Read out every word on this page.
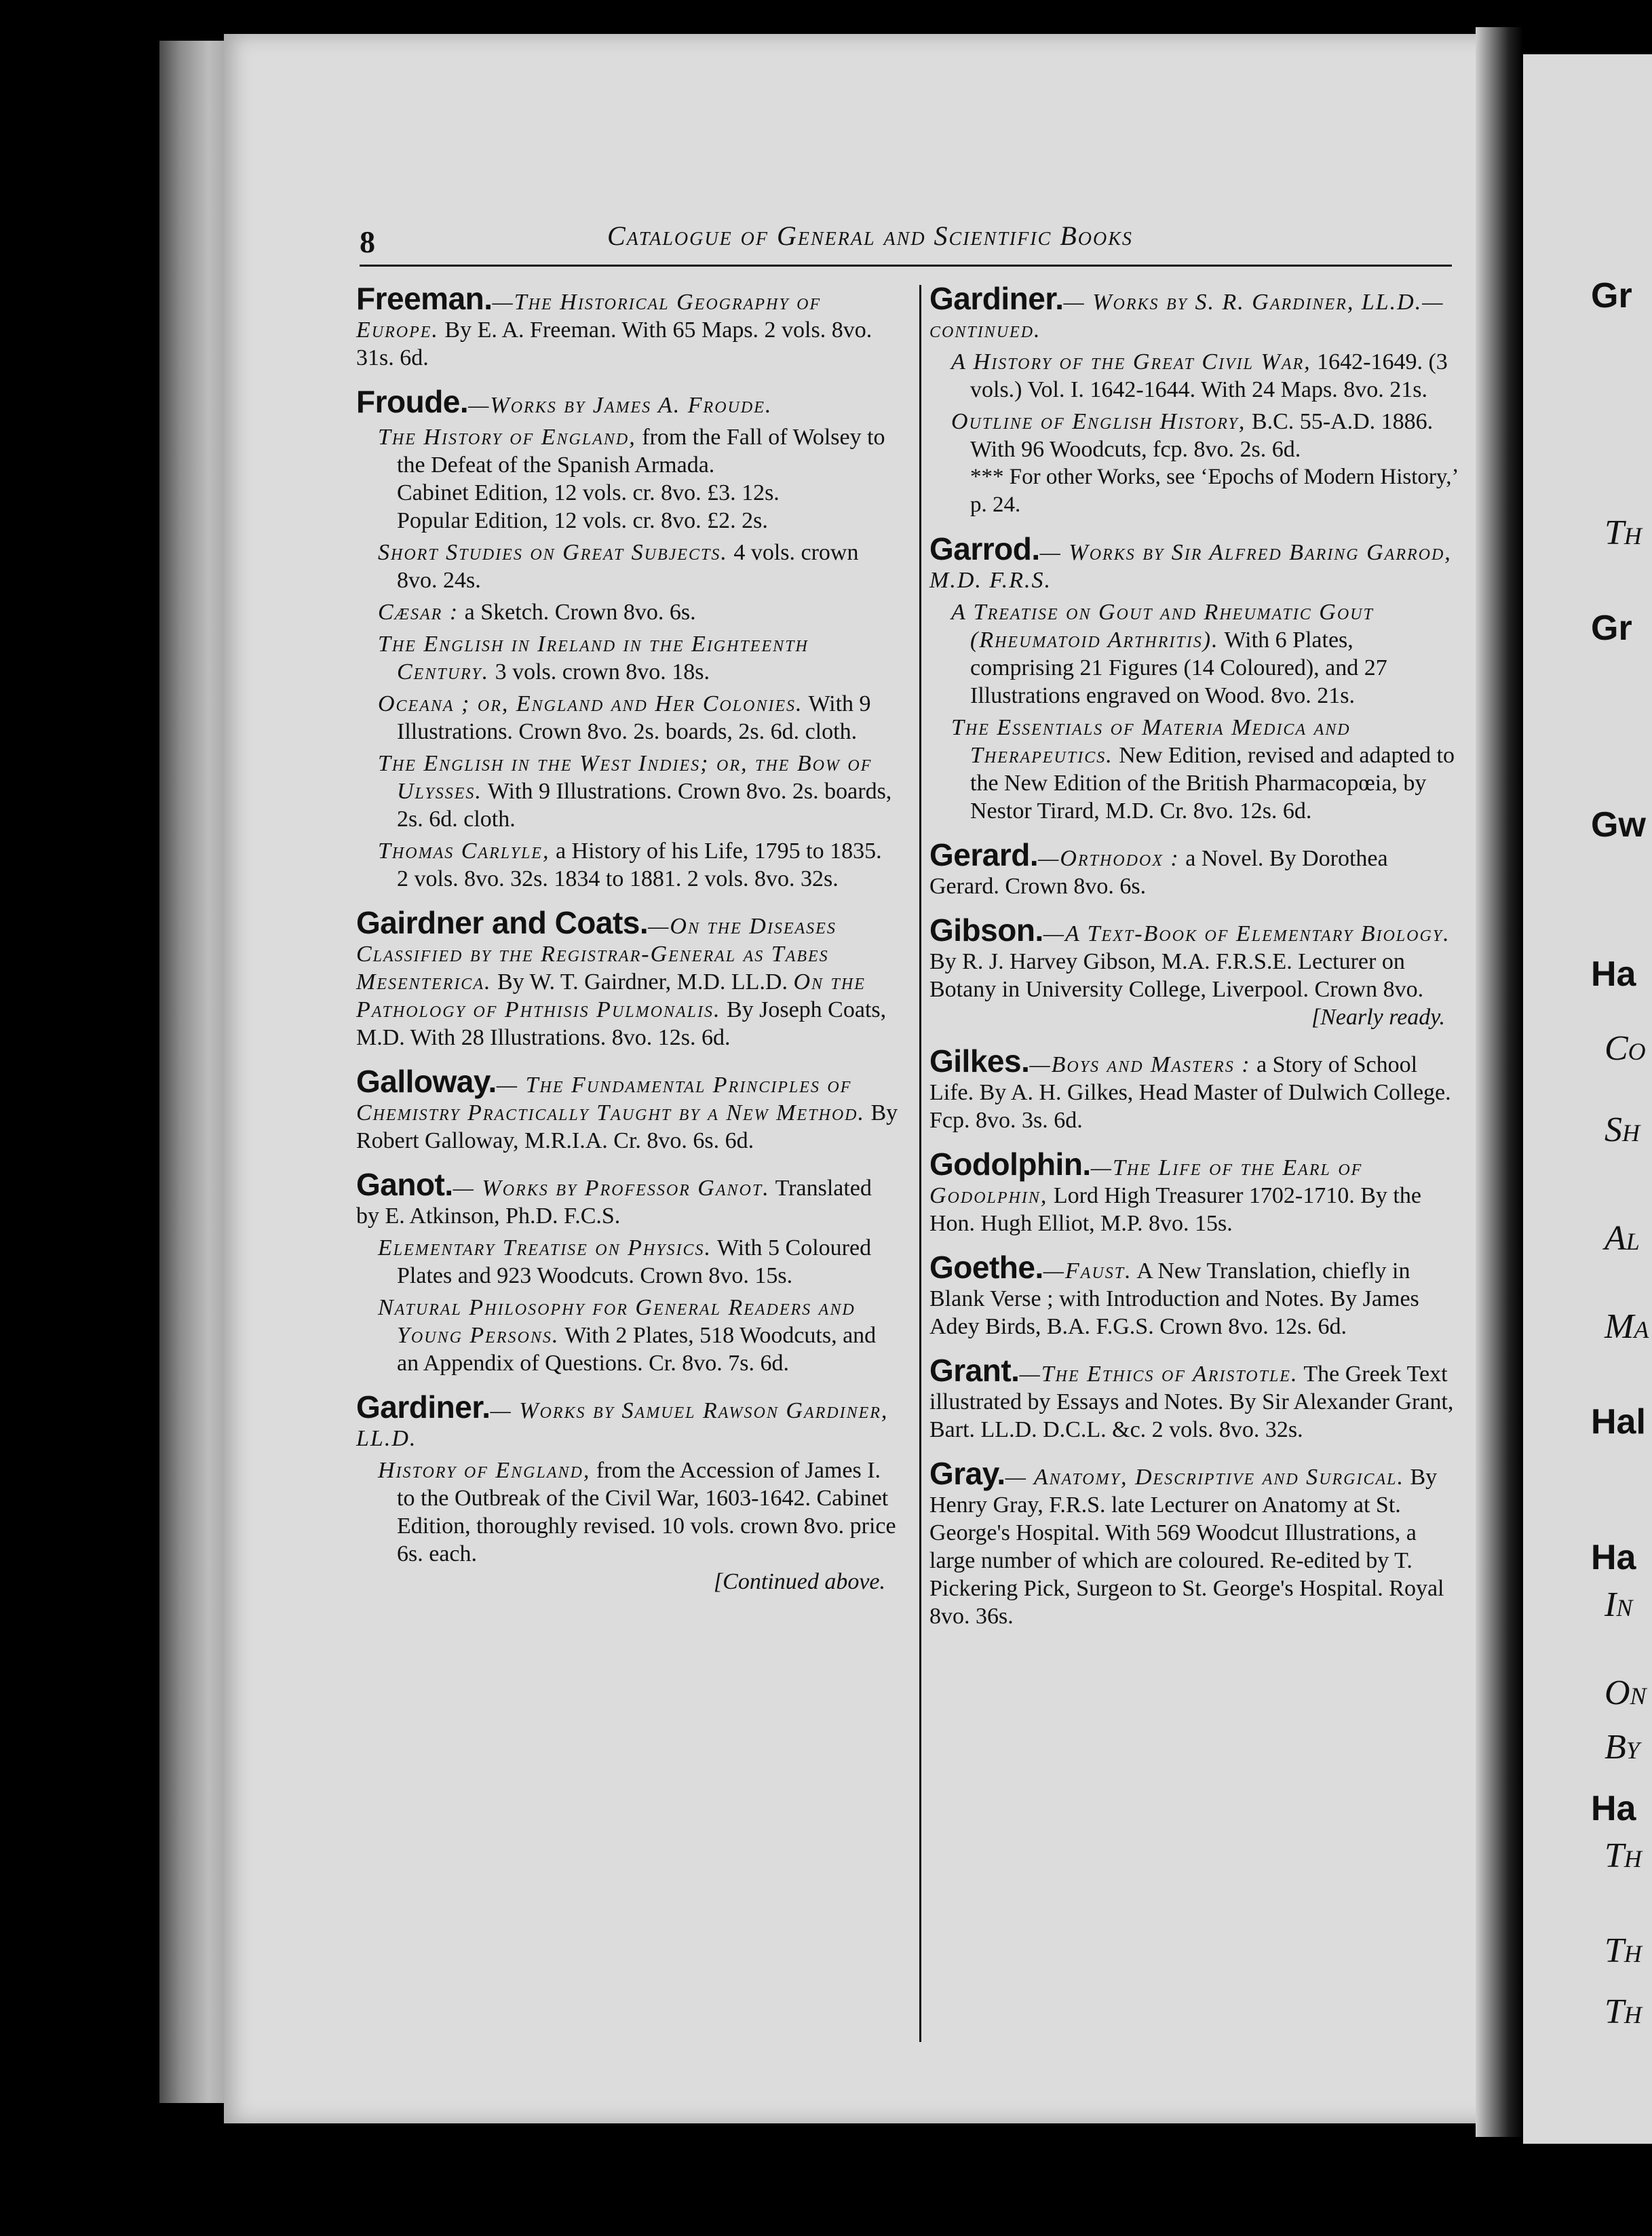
8	Catalogue of General and Scientific Books
Freeman.—The Historical Geography of Europe. By E. A. Freeman. With 65 Maps. 2 vols. 8vo. 31s. 6d.
Froude.—Works by James A. Froude.
The History of England, from the Fall of Wolsey to the Defeat of the Spanish Armada.
Cabinet Edition, 12 vols. cr. 8vo. £3. 12s.
Popular Edition, 12 vols. cr. 8vo. £2. 2s.
Short Studies on Great Subjects. 4 vols. crown 8vo. 24s.
Cæsar : a Sketch. Crown 8vo. 6s.
The English in Ireland in the Eighteenth Century. 3 vols. crown 8vo. 18s.
Oceana ; or, England and Her Colonies. With 9 Illustrations. Crown 8vo. 2s. boards, 2s. 6d. cloth.
The English in the West Indies; or, the Bow of Ulysses. With 9 Illustrations. Crown 8vo. 2s. boards, 2s. 6d. cloth.
Thomas Carlyle, a History of his Life, 1795 to 1835. 2 vols. 8vo. 32s. 1834 to 1881. 2 vols. 8vo. 32s.
Gairdner and Coats.—On the Diseases Classified by the Registrar-General as Tabes Mesenterica. By W. T. Gairdner, M.D. LL.D. On the Pathology of Phthisis Pulmonalis. By Joseph Coats, M.D. With 28 Illustrations. 8vo. 12s. 6d.
Galloway.— The Fundamental Principles of Chemistry Practically Taught by a New Method. By Robert Galloway, M.R.I.A. Cr. 8vo. 6s. 6d.
Ganot.— Works by Professor Ganot. Translated by E. Atkinson, Ph.D. F.C.S.
Elementary Treatise on Physics. With 5 Coloured Plates and 923 Woodcuts. Crown 8vo. 15s.
Natural Philosophy for General Readers and Young Persons. With 2 Plates, 518 Woodcuts, and an Appendix of Questions. Cr. 8vo. 7s. 6d.
Gardiner.— Works by Samuel Rawson Gardiner, LL.D.
History of England, from the Accession of James I. to the Outbreak of the Civil War, 1603-1642. Cabinet Edition, thoroughly revised. 10 vols. crown 8vo. price 6s. each.
[Continued above.
Gardiner.— Works by S. R. Gardiner, LL.D.—continued.
A History of the Great Civil War, 1642-1649. (3 vols.) Vol. I. 1642-1644. With 24 Maps. 8vo. 21s.
Outline of English History, B.C. 55-A.D. 1886. With 96 Woodcuts, fcp. 8vo. 2s. 6d.
*** For other Works, see ‘Epochs of Modern History,’ p. 24.
Garrod.— Works by Sir Alfred Baring Garrod, M.D. F.R.S.
A Treatise on Gout and Rheumatic Gout (Rheumatoid Arthritis). With 6 Plates, comprising 21 Figures (14 Coloured), and 27 Illustrations engraved on Wood. 8vo. 21s.
The Essentials of Materia Medica and Therapeutics. New Edition, revised and adapted to the New Edition of the British Pharmacopœia, by Nestor Tirard, M.D. Cr. 8vo. 12s. 6d.
Gerard.—Orthodox : a Novel. By Dorothea Gerard. Crown 8vo. 6s.
Gibson.—A Text-Book of Elementary Biology. By R. J. Harvey Gibson, M.A. F.R.S.E. Lecturer on Botany in University College, Liverpool. Crown 8vo.
[Nearly ready.
Gilkes.—Boys and Masters : a Story of School Life. By A. H. Gilkes, Head Master of Dulwich College. Fcp. 8vo. 3s. 6d.
Godolphin.—The Life of the Earl of Godolphin, Lord High Treasurer 1702-1710. By the Hon. Hugh Elliot, M.P. 8vo. 15s.
Goethe.—Faust. A New Translation, chiefly in Blank Verse ; with Introduction and Notes. By James Adey Birds, B.A. F.G.S. Crown 8vo. 12s. 6d.
Grant.—The Ethics of Aristotle. The Greek Text illustrated by Essays and Notes. By Sir Alexander Grant, Bart. LL.D. D.C.L. &c. 2 vols. 8vo. 32s.
Gray.— Anatomy, Descriptive and Surgical. By Henry Gray, F.R.S. late Lecturer on Anatomy at St. George's Hospital. With 569 Woodcut Illustrations, a large number of which are coloured. Re-edited by T. Pickering Pick, Surgeon to St. George's Hospital. Royal 8vo. 36s.
Gr
Th
Gr
Gw
Ha
Co
Sh
Al
Ma
Hal
Ha
In
On
By
Ha
Th
Th
Th
